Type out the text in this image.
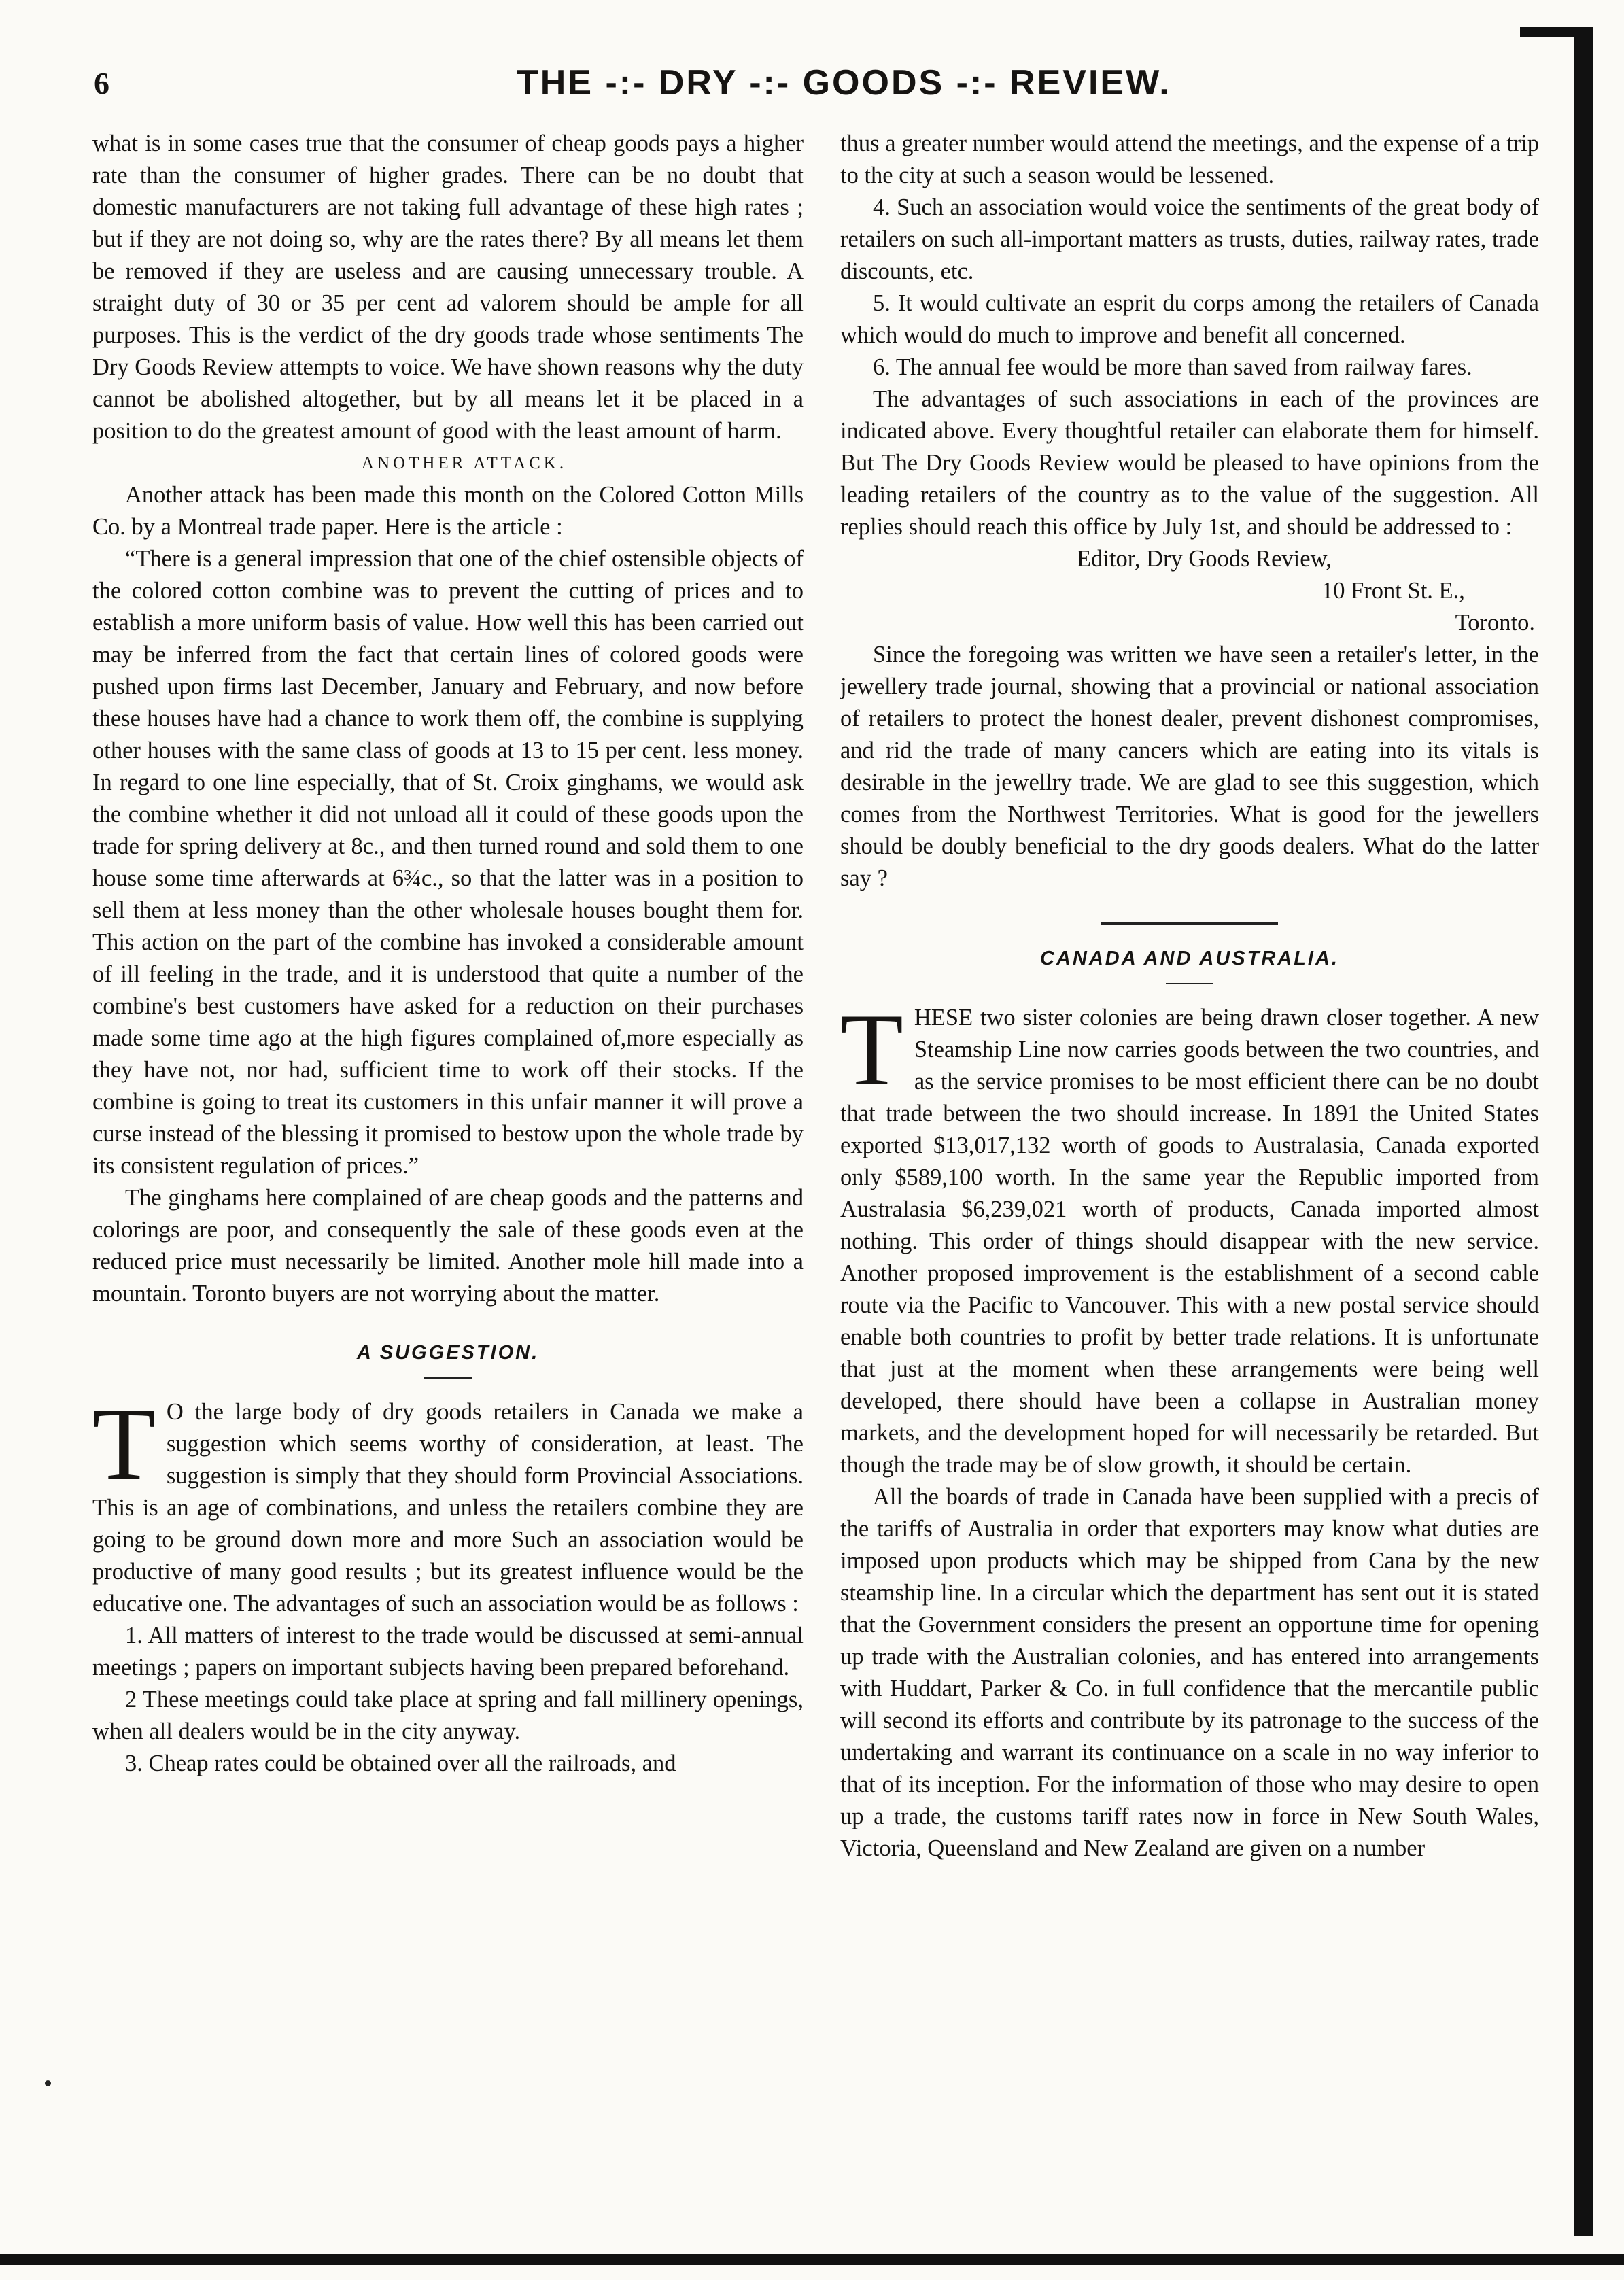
6	THE -:- DRY -:- GOODS -:- REVIEW.

what is in some cases true that the consumer of cheap goods pays a higher rate than the consumer of higher grades. There can be no doubt that domestic manufacturers are not taking full advantage of these high rates ; but if they are not doing so, why are the rates there? By all means let them be removed if they are useless and are causing unnecessary trouble. A straight duty of 30 or 35 per cent ad valorem should be ample for all purposes. This is the verdict of the dry goods trade whose sentiments The Dry Goods Review attempts to voice. We have shown reasons why the duty cannot be abolished altogether, but by all means let it be placed in a position to do the greatest amount of good with the least amount of harm.

ANOTHER ATTACK.

Another attack has been made this month on the Colored Cotton Mills Co. by a Montreal trade paper. Here is the article :

“There is a general impression that one of the chief ostensible objects of the colored cotton combine was to prevent the cutting of prices and to establish a more uniform basis of value. How well this has been carried out may be inferred from the fact that certain lines of colored goods were pushed upon firms last December, January and February, and now before these houses have had a chance to work them off, the combine is supplying other houses with the same class of goods at 13 to 15 per cent. less money. In regard to one line especially, that of St. Croix ginghams, we would ask the combine whether it did not unload all it could of these goods upon the trade for spring delivery at 8c., and then turned round and sold them to one house some time afterwards at 6¾c., so that the latter was in a position to sell them at less money than the other wholesale houses bought them for. This action on the part of the combine has invoked a considerable amount of ill feeling in the trade, and it is understood that quite a number of the combine's best customers have asked for a reduction on their purchases made some time ago at the high figures complained of,more especially as they have not, nor had, sufficient time to work off their stocks. If the combine is going to treat its customers in this unfair manner it will prove a curse instead of the blessing it promised to bestow upon the whole trade by its consistent regulation of prices.”

The ginghams here complained of are cheap goods and the patterns and colorings are poor, and consequently the sale of these goods even at the reduced price must necessarily be limited. Another mole hill made into a mountain. Toronto buyers are not worrying about the matter.

A SUGGESTION.

T O the large body of dry goods retailers in Canada we make a suggestion which seems worthy of consideration, at least. The suggestion is simply that they should form Provincial Associations. This is an age of combinations, and unless the retailers combine they are going to be ground down more and more Such an association would be productive of many good results ; but its greatest influence would be the educative one. The advantages of such an association would be as follows :

1. All matters of interest to the trade would be discussed at semi-annual meetings ; papers on important subjects having been prepared beforehand.

2 These meetings could take place at spring and fall millinery openings, when all dealers would be in the city anyway.

3. Cheap rates could be obtained over all the railroads, and

thus a greater number would attend the meetings, and the expense of a trip to the city at such a season would be lessened.

4. Such an association would voice the sentiments of the great body of retailers on such all-important matters as trusts, duties, railway rates, trade discounts, etc.

5. It would cultivate an esprit du corps among the retailers of Canada which would do much to improve and benefit all concerned.

6. The annual fee would be more than saved from railway fares.

The advantages of such associations in each of the provinces are indicated above. Every thoughtful retailer can elaborate them for himself. But The Dry Goods Review would be pleased to have opinions from the leading retailers of the country as to the value of the suggestion. All replies should reach this office by July 1st, and should be addressed to :

Editor, Dry Goods Review,

10 Front St. E.,

Toronto.

Since the foregoing was written we have seen a retailer's letter, in the jewellery trade journal, showing that a provincial or national association of retailers to protect the honest dealer, prevent dishonest compromises, and rid the trade of many cancers which are eating into its vitals is desirable in the jewellry trade. We are glad to see this suggestion, which comes from the Northwest Territories. What is good for the jewellers should be doubly beneficial to the dry goods dealers. What do the latter say ?

CANADA AND AUSTRALIA.

THESE two sister colonies are being drawn closer together. A new Steamship Line now carries goods between the two countries, and as the service promises to be most efficient there can be no doubt that trade between the two should increase. In 1891 the United States exported $13,017,132 worth of goods to Australasia, Canada exported only $589,100 worth. In the same year the Republic imported from Australasia $6,239,021 worth of products, Canada imported almost nothing. This order of things should disappear with the new service. Another proposed improvement is the establishment of a second cable route via the Pacific to Vancouver. This with a new postal service should enable both countries to profit by better trade relations. It is unfortunate that just at the moment when these arrangements were being well developed, there should have been a collapse in Australian money markets, and the development hoped for will necessarily be retarded. But though the trade may be of slow growth, it should be certain.

All the boards of trade in Canada have been supplied with a precis of the tariffs of Australia in order that exporters may know what duties are imposed upon products which may be shipped from Cana by the new steamship line. In a circular which the department has sent out it is stated that the Government considers the present an opportune time for opening up trade with the Australian colonies, and has entered into arrangements with Huddart, Parker & Co. in full confidence that the mercantile public will second its efforts and contribute by its patronage to the success of the undertaking and warrant its continuance on a scale in no way inferior to that of its inception. For the information of those who may desire to open up a trade, the customs tariff rates now in force in New South Wales, Victoria, Queensland and New Zealand are given on a number
